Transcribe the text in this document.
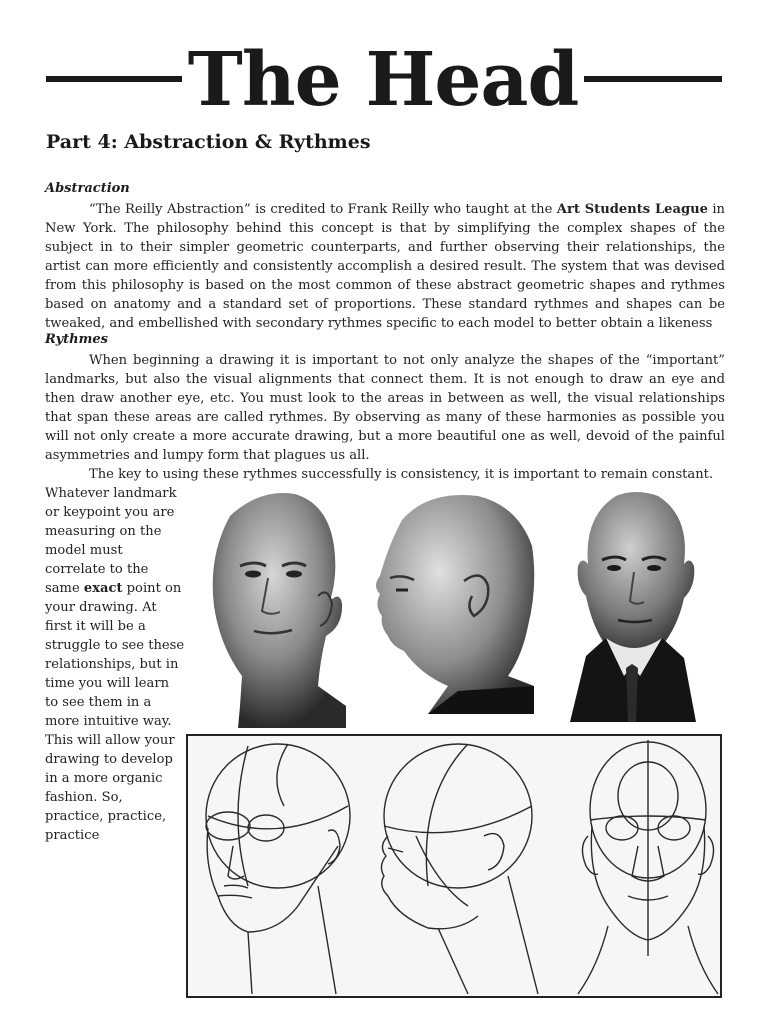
The Head
Part 4: Abstraction & Rythmes
Abstraction
“The Reilly Abstraction” is credited to Frank Reilly who taught at the Art Students League in New York. The philosophy behind this concept is that by simplifying the complex shapes of the subject in to their simpler geometric counterparts, and further observing their relationships, the artist can more efficiently and consistently accomplish a desired result. The system that was devised from this philosophy is based on the most common of these abstract geometric shapes and rythmes based on anatomy and a standard set of proportions. These standard rythmes and shapes can be tweaked, and embellished with secondary rythmes specific to each model to better obtain a likeness
Rythmes
When beginning a drawing it is important to not only analyze the shapes of the “important” landmarks, but also the visual alignments that connect them. It is not enough to draw an eye and then draw another eye, etc. You must look to the areas in between as well, the visual relationships that span these areas are called rythmes. By observing as many of these harmonies as possible you will not only create a more accurate drawing, but a more beautiful one as well, devoid of the painful asymmetries and lumpy form that plagues us all.
The key to using these rythmes successfully is consistency, it is important to remain constant.
Whatever landmark or keypoint you are measuring on the model must correlate to the same exact point on your drawing. At first it will be a struggle to see these relationships, but in time you will learn to see them in a more intuitive way. This will allow your drawing to develop in a more organic fashion. So, practice, practice, practice
